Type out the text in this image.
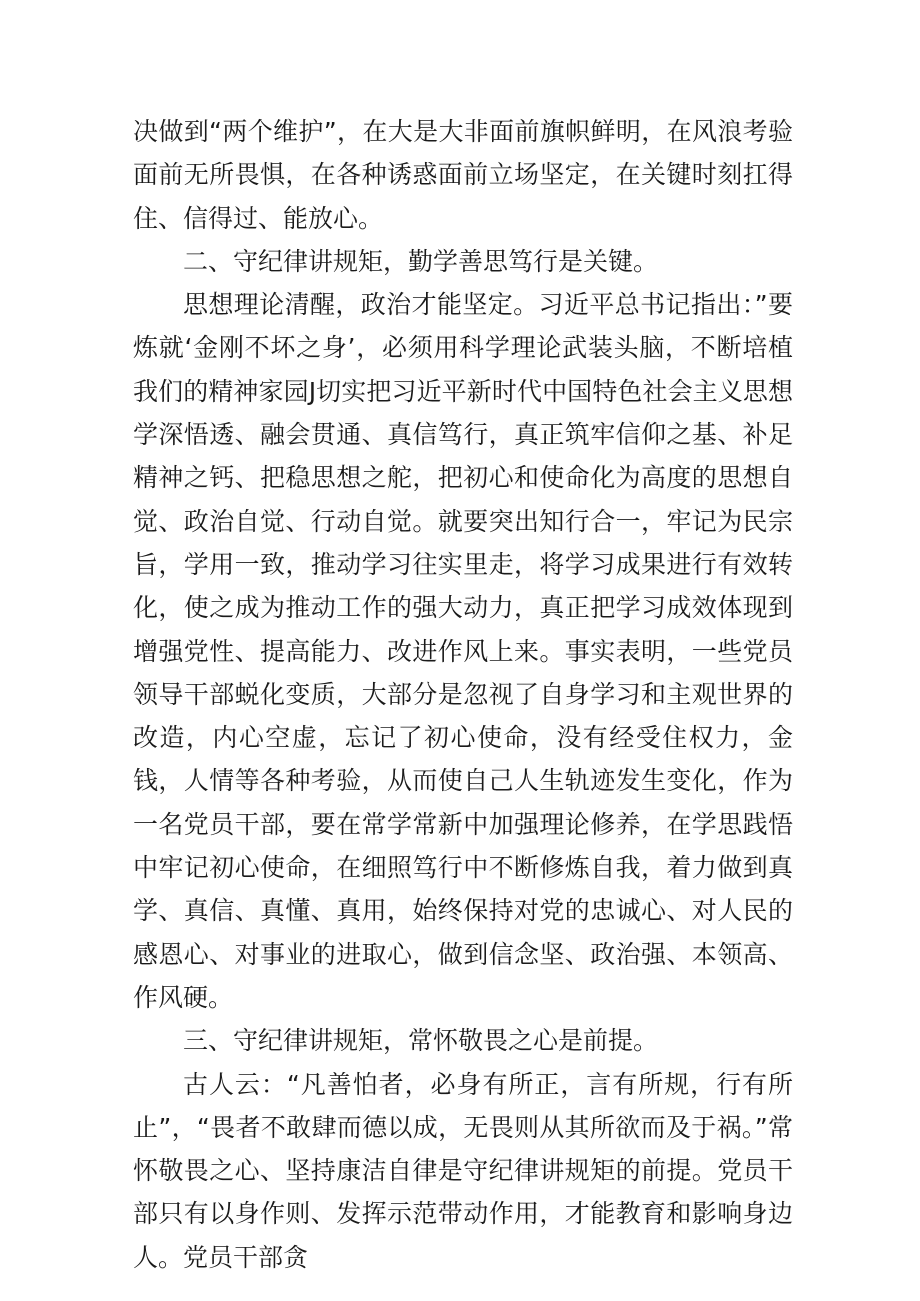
决做到“两个维护”，在大是大非面前旗帜鲜明，在风浪考验面前无所畏惧，在各种诱惑面前立场坚定，在关键时刻扛得住、信得过、能放心。

二、守纪律讲规矩，勤学善思笃行是关键。

思想理论清醒，政治才能坚定。习近平总书记指出：”要炼就‘金刚不坏之身’，必须用科学理论武装头脑，不断培植我们的精神家园J切实把习近平新时代中国特色社会主义思想学深悟透、融会贯通、真信笃行，真正筑牢信仰之基、补足精神之钙、把稳思想之舵，把初心和使命化为高度的思想自觉、政治自觉、行动自觉。就要突出知行合一，牢记为民宗旨，学用一致，推动学习往实里走，将学习成果进行有效转化，使之成为推动工作的强大动力，真正把学习成效体现到增强党性、提高能力、改进作风上来。事实表明，一些党员领导干部蜕化变质，大部分是忽视了自身学习和主观世界的改造，内心空虚，忘记了初心使命，没有经受住权力，金钱，人情等各种考验，从而使自己人生轨迹发生变化，作为一名党员干部，要在常学常新中加强理论修养，在学思践悟中牢记初心使命，在细照笃行中不断修炼自我，着力做到真学、真信、真懂、真用，始终保持对党的忠诚心、对人民的感恩心、对事业的进取心，做到信念坚、政治强、本领高、作风硬。

三、守纪律讲规矩，常怀敬畏之心是前提。

古人云：“凡善怕者，必身有所正，言有所规，行有所止”，“畏者不敢肆而德以成，无畏则从其所欲而及于祸。”常怀敬畏之心、坚持康洁自律是守纪律讲规矩的前提。党员干部只有以身作则、发挥示范带动作用，才能教育和影响身边人。党员干部贪
